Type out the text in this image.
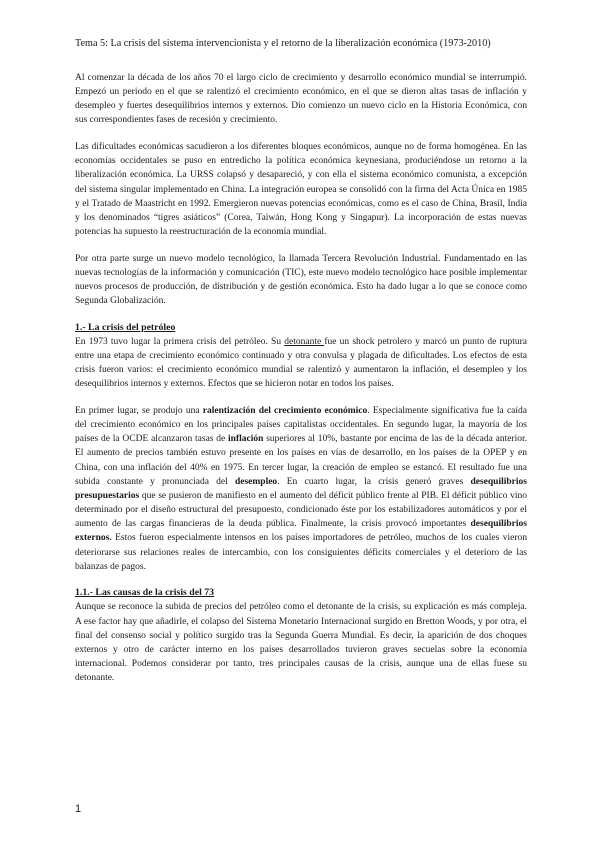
Tema 5: La crisis del sistema intervencionista y el retorno de la liberalización económica (1973-2010)

Al comenzar la década de los años 70 el largo ciclo de crecimiento y desarrollo económico mundial se interrumpió. Empezó un periodo en el que se ralentizó el crecimiento económico, en el que se dieron altas tasas de inflación y desempleo y fuertes desequilibrios internos y externos. Dio comienzo un nuevo ciclo en la Historia Económica, con sus correspondientes fases de recesión y crecimiento.

Las dificultades económicas sacudieron a los diferentes bloques económicos, aunque no de forma homogénea. En las economías occidentales se puso en entredicho la política económica keynesiana, produciéndose un retorno a la liberalización económica. La URSS colapsó y desapareció, y con ella el sistema económico comunista, a excepción del sistema singular implementado en China. La integración europea se consolidó con la firma del Acta Única en 1985 y el Tratado de Maastricht en 1992. Emergieron nuevas potencias económicas, como es el caso de China, Brasil, India y los denominados “tigres asiáticos” (Corea, Taiwán, Hong Kong y Singapur). La incorporación de estas nuevas potencias ha supuesto la reestructuración de la economía mundial.

Por otra parte surge un nuevo modelo tecnológico, la llamada Tercera Revolución Industrial. Fundamentado en las nuevas tecnologías de la información y comunicación (TIC), este nuevo modelo tecnológico hace posible implementar nuevos procesos de producción, de distribución y de gestión económica. Esto ha dado lugar a lo que se conoce como Segunda Globalización.

1.- La crisis del petróleo

En 1973 tuvo lugar la primera crisis del petróleo. Su detonante fue un shock petrolero y marcó un punto de ruptura entre una etapa de crecimiento económico continuado y otra convulsa y plagada de dificultades. Los efectos de esta crisis fueron varios: el crecimiento económico mundial se ralentizó y aumentaron la inflación, el desempleo y los desequilibrios internos y externos. Efectos que se hicieron notar en todos los países.

En primer lugar, se produjo una ralentización del crecimiento económico. Especialmente significativa fue la caída del crecimiento económico en los principales países capitalistas occidentales. En segundo lugar, la mayoría de los países de la OCDE alcanzaron tasas de inflación superiores al 10%, bastante por encima de las de la década anterior. El aumento de precios también estuvo presente en los países en vías de desarrollo, en los países de la OPEP y en China, con una inflación del 40% en 1975. En tercer lugar, la creación de empleo se estancó. El resultado fue una subida constante y pronunciada del desempleo. En cuarto lugar, la crisis generó graves desequilibrios presupuestarios que se pusieron de manifiesto en el aumento del déficit público frente al PIB. El déficit público vino determinado por el diseño estructural del presupuesto, condicionado éste por los estabilizadores automáticos y por el aumento de las cargas financieras de la deuda pública. Finalmente, la crisis provocó importantes desequilibrios externos. Estos fueron especialmente intensos en los países importadores de petróleo, muchos de los cuales vieron deteriorarse sus relaciones reales de intercambio, con los consiguientes déficits comerciales y el deterioro de las balanzas de pagos.

1.1.- Las causas de la crisis del 73

Aunque se reconoce la subida de precios del petróleo como el detonante de la crisis, su explicación es más compleja. A ese factor hay que añadirle, el colapso del Sistema Monetario Internacional surgido en Bretton Woods, y por otra, el final del consenso social y político surgido tras la Segunda Guerra Mundial. Es decir, la aparición de dos choques externos y otro de carácter interno en los países desarrollados tuvieron graves secuelas sobre la economía internacional. Podemos considerar por tanto, tres principales causas de la crisis, aunque una de ellas fuese su detonante.

1
